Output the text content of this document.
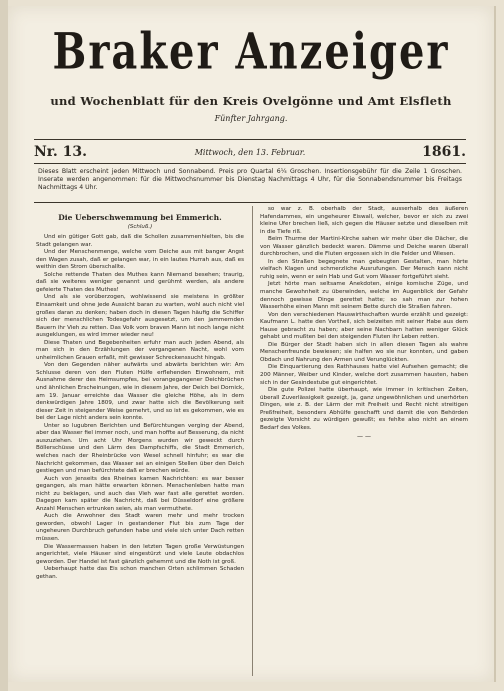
Braker Anzeiger
und Wochenblatt für den Kreis Ovelgönne und Amt Elsfleth
Fünfter Jahrgang.
Nr. 13.	Mittwoch, den 13. Februar.	1861.
Dieses Blatt erscheint jeden Mittwoch und Sonnabend. Preis pro Quartal 6¼ Groschen. Insertionsgebühr für die Zeile 1 Groschen. Inserate werden angenommen: für die Mittwochsnummer bis Dienstag Nachmittags 4 Uhr, für die Sonnabendsnummer bis Freitags Nachmittags 4 Uhr.
Die Ueberschwemmung bei Emmerich.
(Schluß.)

Und ein gütiger Gott gab, daß die Schollen zusammenhielten, bis die Stadt gelangen war.

Und der Menschenmenge, welche vom Deiche aus mit banger Angst den Wagen zusah, daß er gelangen war, in ein lautes Hurrah aus, daß es weithin den Strom überschallte.

Solche rettende Thaten des Muthes kann Niemand besehen; traurig, daß sie weiteres weniger genannt und gerühmt werden, als andere gefeierte Thaten des Muthes!

Und als sie vorüberzogen, wohlwissend sie meistens in größter Einsamkeit und ohne jede Aussicht baran zu warten, wohl auch nicht viel großes daran zu denken; haben doch in diesen Tagen häufig die Schiffer sich der menschlichen Todesgefahr ausgesetzt, um den jammernden Bauern ihr Vieh zu retten. Das Volk vom braven Mann ist noch lange nicht ausgeklungen, es wird immer wieder neu!

Diese Thaten und Begebenheiten erfuhr man auch jeden Abend, als man sich in den Erzählungen der vergangenen Nacht, wohl vom unheimlichen Grauen erfaßt, mit gewisser Schreckenssucht hingab.

Von den Gegenden näher aufwärts und abwärts berichten wir: Am Schlusse deren von den Fluten Hülfe erflehenden Einwohnern, mit Ausnahme derer des Heimsumpfes, bei vorangegangener Deichbrüchen und ähnlichen Erscheinungen, wie in diesem Jahre, der Deich bei Dornick, am 19. Januar erreichte das Wasser die gleiche Höhe, als in dem denkwürdigen Jahre 1809, und zwar hatte sich die Bevölkerung seit dieser Zeit in steigender Weise gemehrt, und so ist es gekommen, wie es bei der Lage nicht anders sein konnte.

Unter so lugubren Berichten und Befürchtungen verging der Abend, aber das Wasser fiel immer noch, und man hoffte auf Besserung, da nicht auszuziehen. Um acht Uhr Morgens wurden wir geweckt durch Böllerschüsse und den Lärm des Dampfschiffs, die Stadt Emmerich, welches nach der Rheinbrücke von Wesel schnell hinfuhr; es war die Nachricht gekommen, das Wasser sei an einigen Stellen über den Deich gestiegen und man befürchtete daß er brechen würde.

Auch von jenseits des Rheines kamen Nachrichten: es war besser gegangen, als man hätte erwarten können. Menschenleben hatte man nicht zu beklagen, und auch das Vieh war fast alle gerettet worden. Dagegen kam später die Nachricht, daß bei Düsseldorf eine größere Anzahl Menschen ertrunken seien, als man vermuthete.

Auch die Anwohner des Stadt waren mehr und mehr trocken geworden, obwohl Lager in gestandener Flut bis zum Tage der ungeheuren Durchbruch gefunden habe und viele sich unter Dach retten müssen.

Die Wassermassen haben in den letzten Tagen große Verwüstungen angerichtet, viele Häuser sind eingestürzt und viele Leute obdachlos geworden. Der Handel ist fast gänzlich gehemmt und die Noth ist groß.

Ueberhaupt hatte das Eis schon manchen Orten schlimmen Schaden gethan.

so war z. B. oberhalb der Stadt, ausserhalb des äußeren Hafendammes, ein ungeheurer Eiswall, welcher, bevor er sich zu zwei kleine Ufer brechen ließ, sich gegen die Häuser setzte und dieselben mit in die Tiefe riß.

Beim Thurme der Martini-Kirche sahen wir mehr über die Dächer, die von Wasser gänzlich bedeckt waren. Dämme und Deiche waren überall durchbrochen, und die Fluten ergossen sich in die Felder und Wiesen.

In den Straßen begegnete man gebeugten Gestalten, man hörte vielfach Klagen und schmerzliche Ausrufungen. Der Mensch kann nicht ruhig sein, wenn er sein Hab und Gut vom Wasser fortgeführt sieht.

Jetzt hörte man seltsame Anekdoten, einige komische Züge, und manche Gewohnheit zu überwinden, welche im Augenblick der Gefahr dennoch gewisse Dinge gerettet hatte; so sah man zur hohen Wasserhöhe einen Mann mit seinem Bette durch die Straßen fahren.

Von den verschiedenen Hauswirthschaften wurde erzählt und gezeigt: Kaufmann L. hatte den Vortheil, sich beizeiten mit seiner Habe aus dem Hause gebracht zu haben; aber seine Nachbarn hatten weniger Glück gehabt und mußten bei den steigenden Fluten ihr Leben retten.

Die Bürger der Stadt haben sich in allen diesen Tagen als wahre Menschenfreunde bewiesen; sie halfen wo sie nur konnten, und gaben Obdach und Nahrung den Armen und Verunglückten.

Die Einquartierung des Rathhauses hatte viel Aufsehen gemacht; die 200 Männer, Weiber und Kinder, welche dort zusammen hausten, haben sich in der Gesindestube gut eingerichtet.

Die gute Polizei hatte überhaupt, wie immer in kritischen Zeiten, überall Zuverlässigkeit gezeigt, ja, ganz ungewöhnlichen und unerhörten Dingen, wie z. B. der Lärm der mit Freiheit und Recht nicht streitigen Preßfreiheit, besonders Abhülfe geschafft und damit die von Behörden gezeigte Vorsicht zu würdigen gewußt; es fehlte also nicht an einem Bedarf des Volkes.

— —
